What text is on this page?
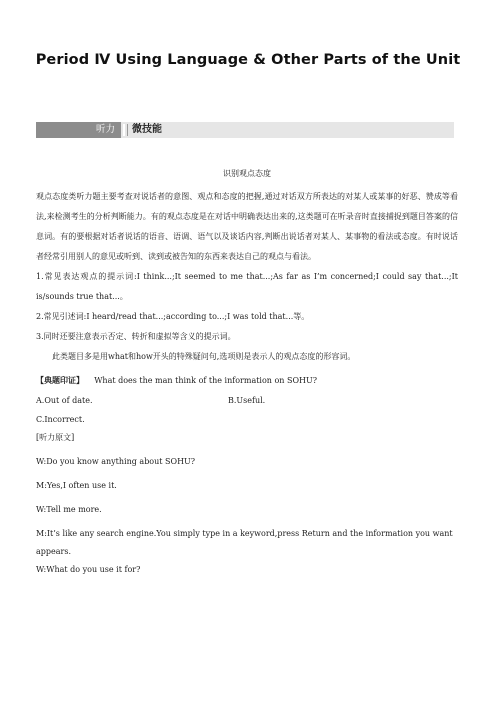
Period Ⅳ Using Language & Other Parts of the Unit
听力	微技能
识别观点态度

观点态度类听力题主要考查对说话者的意图、观点和态度的把握,通过对话双方所表达的对某人或某事的好恶、赞成等看法,来检测考生的分析判断能力。有的观点态度是在对话中明确表达出来的,这类题可在听录音时直接捕捉到题目答案的信息词。有的要根据对话者说话的语音、语调、语气以及谈话内容,判断出说话者对某人、某事物的看法或态度。有时说话者经常引用别人的意见或听到、读到或被告知的东西来表达自己的观点与看法。

1.常见表达观点的提示词:I think...;It seemed to me that...;As far as I’m concerned;I could say that...;It is/sounds true that...。

2.常见引述词:I heard/read that...;according to...;I was told that...等。

3.同时还要注意表示否定、转折和虚拟等含义的提示词。

此类题目多是用what和how开头的特殊疑问句,选项则是表示人的观点态度的形容词。

【典题印证】 What does the man think of the information on SOHU?

A.Out of date.	B.Useful.

C.Incorrect.

[听力原文]

W:Do you know anything about SOHU?

M:Yes,I often use it.

W:Tell me more.

M:It’s like any search engine.You simply type in a keyword,press Return and the information you want appears.

W:What do you use it for?
